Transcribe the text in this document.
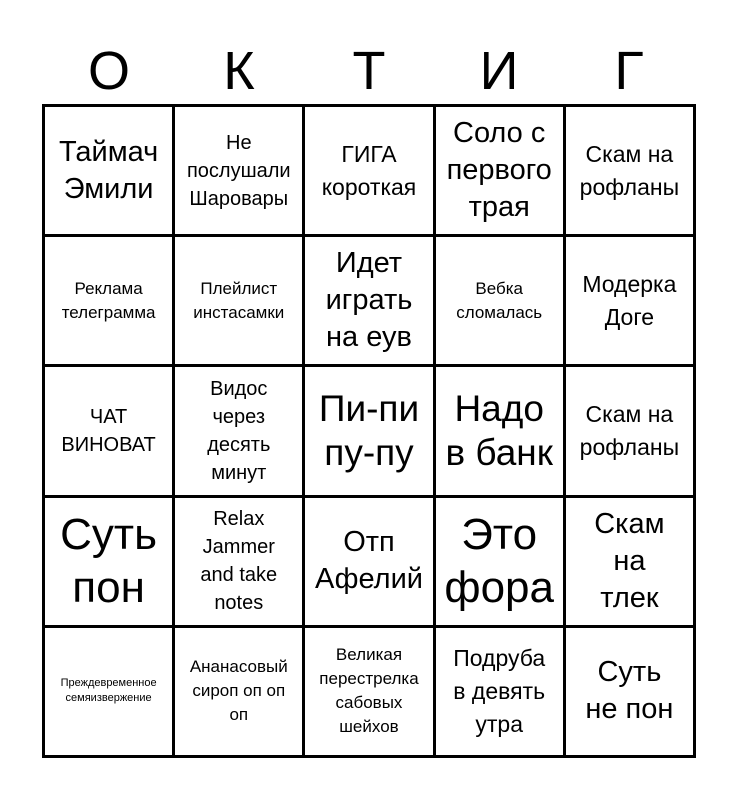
О	К	Т	И	Г
Таймач
Эмили
Не
послушали
Шаровары
ГИГА
короткая
Соло с
первого
трая
Скам на
рофланы
Реклама
телеграмма
Плейлист
инстасамки
Идет
играть
на еув
Вебка
сломалась
Модерка
Доге
ЧАТ
ВИНОВАТ
Видос
через
десять
минут
Пи-пи
пу-пу
Надо
в банк
Скам на
рофланы
Суть
пон
Relax
Jammer
and take
notes
Отп
Афелий
Это
фора
Скам
на
тлек
Преждевременное
семяизвержение
Ананасовый
сироп оп оп
оп
Великая
перестрелка
сабовых
шейхов
Подруба
в девять
утра
Суть
не пон
